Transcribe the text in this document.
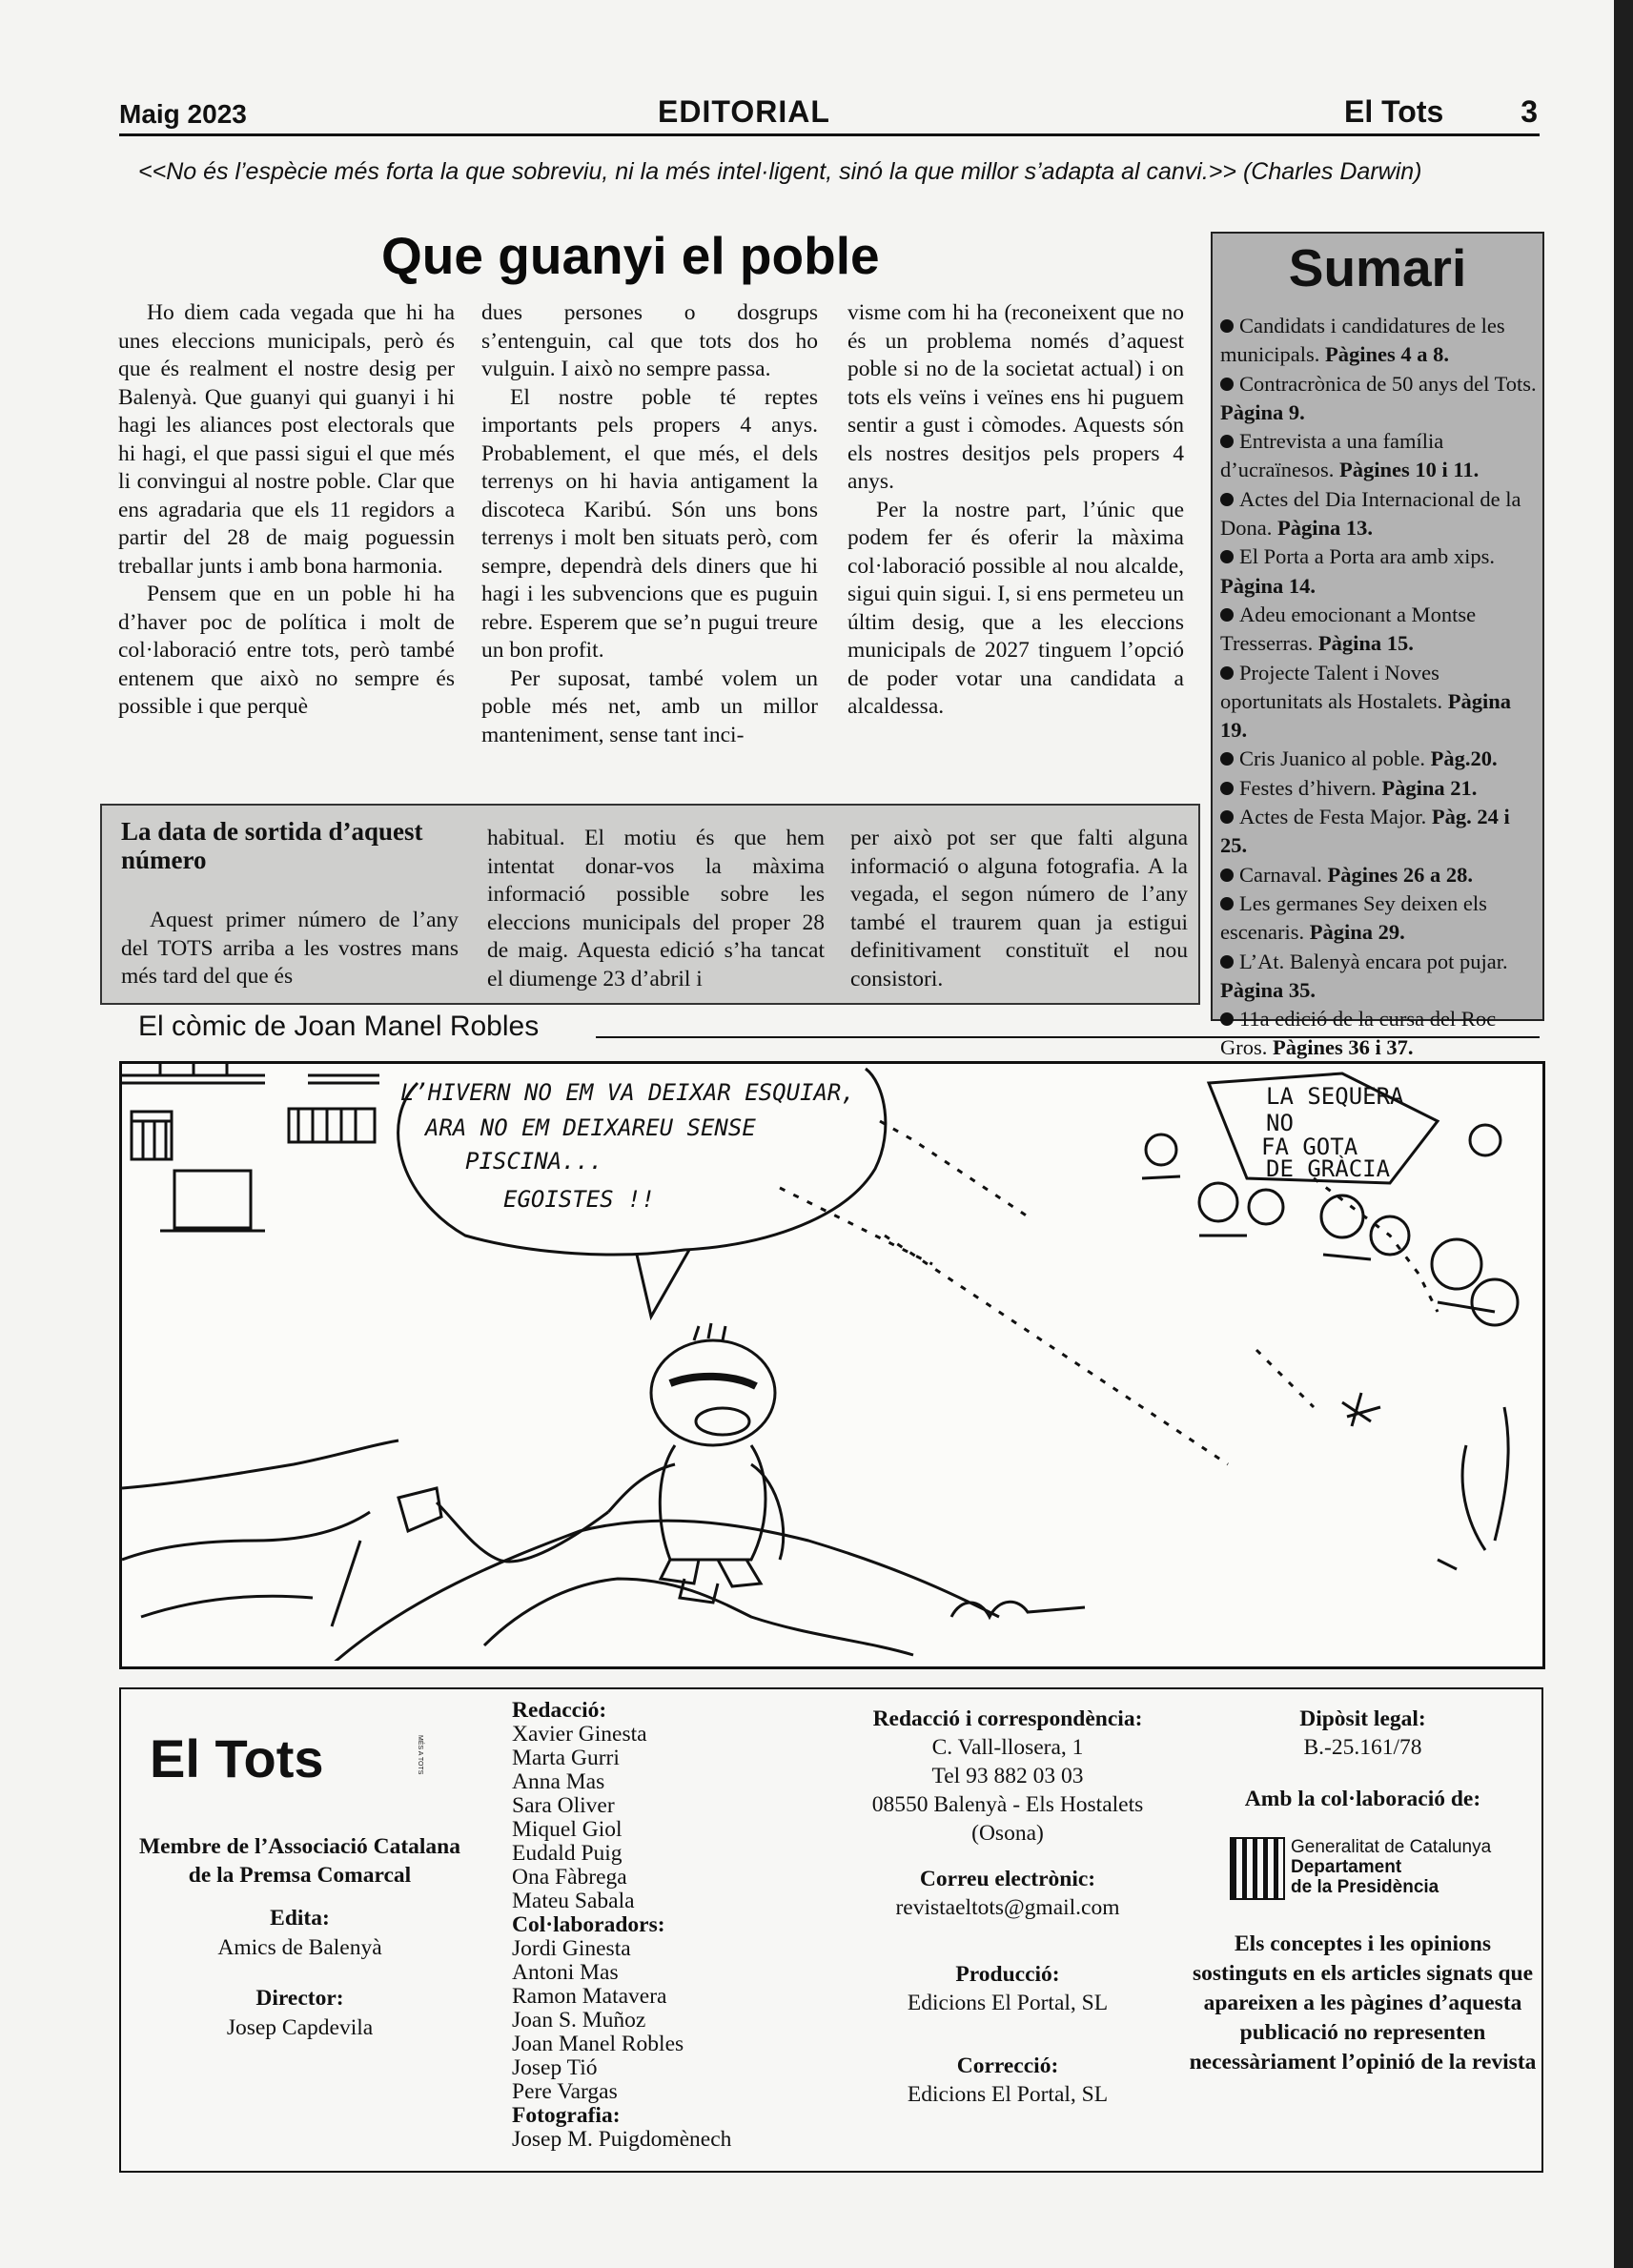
Maig 2023	EDITORIAL	El Tots	3
<<No és l’espècie més forta la que sobreviu, ni la més intel·ligent, sinó la que millor s’adapta al canvi.>> (Charles Darwin)
Que guanyi el poble

Ho diem cada vegada que hi ha unes eleccions municipals, però és que és realment el nostre desig per Balenyà. Que guanyi qui guanyi i hi hagi les aliances post electorals que hi hagi, el que passi sigui el que més li convingui al nostre poble. Clar que ens agradaria que els 11 regidors a partir del 28 de maig poguessin treballar junts i amb bona harmonia.

Pensem que en un poble hi ha d’haver poc de política i molt de col·laboració entre tots, però també entenem que això no sempre és possible i que perquè

dues persones o dosgrups s’entenguin, cal que tots dos ho vulguin. I això no sempre passa.

El nostre poble té reptes importants pels propers 4 anys. Probablement, el que més, el dels terrenys on hi havia antigament la discoteca Karibú. Són uns bons terrenys i molt ben situats però, com sempre, dependrà dels diners que hi hagi i les subvencions que es puguin rebre. Esperem que se’n pugui treure un bon profit.

Per suposat, també volem un poble més net, amb un millor manteniment, sense tant inci-

visme com hi ha (reconeixent que no és un problema només d’aquest poble si no de la societat actual) i on tots els veïns i veïnes ens hi puguem sentir a gust i còmodes. Aquests són els nostres desitjos pels propers 4 anys.

Per la nostre part, l’únic que podem fer és oferir la màxima col·laboració possible al nou alcalde, sigui quin sigui. I, si ens permeteu un últim desig, que a les eleccions municipals de 2027 tinguem l’opció de poder votar una candidata a alcaldessa.

Sumari
Candidats i candidatures de les municipals. Pàgines 4 a 8.
Contracrònica de 50 anys del Tots. Pàgina 9.
Entrevista a una família d’ucraïnesos. Pàgines 10 i 11.
Actes del Dia Internacional de la Dona. Pàgina 13.
El Porta a Porta ara amb xips. Pàgina 14.
Adeu emocionant a Montse Tresserras. Pàgina 15.
Projecte Talent i Noves oportunitats als Hostalets. Pàgina 19.
Cris Juanico al poble. Pàg.20.
Festes d’hivern. Pàgina 21.
Actes de Festa Major. Pàg. 24 i 25.
Carnaval. Pàgines 26 a 28.
Les germanes Sey deixen els escenaris. Pàgina 29.
L’At. Balenyà encara pot pujar. Pàgina 35.
11a edició de la cursa del Roc Gros. Pàgines 36 i 37.
La data de sortida d’aquest número

Aquest primer número de l’any del TOTS arriba a les vostres mans més tard del que és

habitual. El motiu és que hem intentat donar-vos la màxima informació possible sobre les eleccions municipals del proper 28 de maig. Aquesta edició s’ha tancat el diumenge 23 d’abril i

per això pot ser que falti alguna informació o alguna fotografia. A la vegada, el segon número de l’any també el traurem quan ja estigui definitivament constituït el nou consistori.

El còmic de Joan Manel Robles
L’HIVERN NO EM VA DEIXAR ESQUIAR,
ARA NO EM DEIXAREU SENSE
PISCINA...
EGOISTES !!
LA SEQUERA
NO
FA GOTA
DE GRÀCIA
El Tots	MÉS A TOTS
Membre de l’Associació Catalana de la Premsa Comarcal
Edita:
Amics de Balenyà
Director:
Josep Capdevila
Redacció:
Xavier Ginesta
Marta Gurri
Anna Mas
Sara Oliver
Miquel Giol
Eudald Puig
Ona Fàbrega
Mateu Sabala
Col·laboradors:
Jordi Ginesta
Antoni Mas
Ramon Matavera
Joan S. Muñoz
Joan Manel Robles
Josep Tió
Pere Vargas
Fotografia:
Josep M. Puigdomènech
Redacció i correspondència:
C. Vall-llosera, 1
Tel 93 882 03 03
08550 Balenyà - Els Hostalets
(Osona)
Correu electrònic:
revistaeltots@gmail.com
Producció:
Edicions El Portal, SL
Correcció:
Edicions El Portal, SL
Dipòsit legal:
B.-25.161/78
Amb la col·laboració de:
Els conceptes i les opinions sostinguts en els articles signats que apareixen a les pàgines d’aquesta publicació no representen necessàriament l’opinió de la revista
Generalitat de Catalunya
Departament
de la Presidència
